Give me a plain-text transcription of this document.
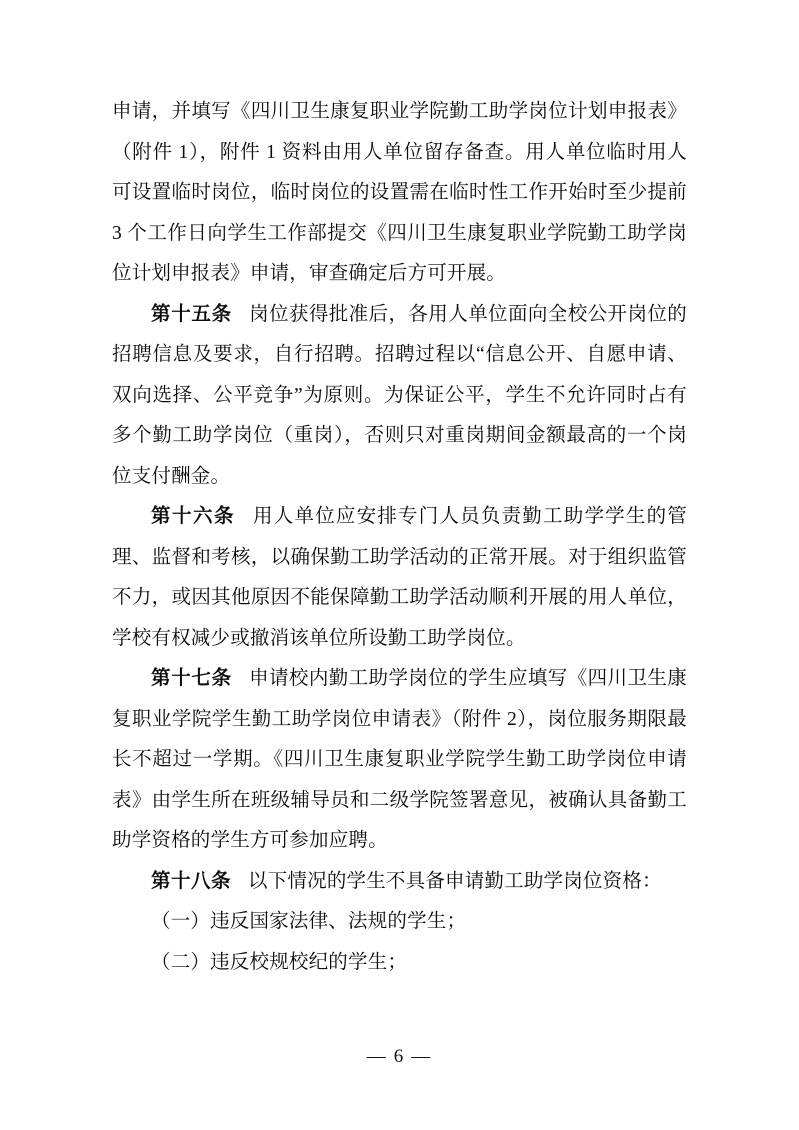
申请，并填写《四川卫生康复职业学院勤工助学岗位计划申报表》（附件 1），附件 1 资料由用人单位留存备查。用人单位临时用人可设置临时岗位，临时岗位的设置需在临时性工作开始时至少提前 3 个工作日向学生工作部提交《四川卫生康复职业学院勤工助学岗位计划申报表》申请，审查确定后方可开展。

第十五条 岗位获得批准后，各用人单位面向全校公开岗位的招聘信息及要求，自行招聘。招聘过程以“信息公开、自愿申请、双向选择、公平竞争”为原则。为保证公平，学生不允许同时占有多个勤工助学岗位（重岗），否则只对重岗期间金额最高的一个岗位支付酬金。

第十六条 用人单位应安排专门人员负责勤工助学学生的管理、监督和考核，以确保勤工助学活动的正常开展。对于组织监管不力，或因其他原因不能保障勤工助学活动顺利开展的用人单位，学校有权减少或撤消该单位所设勤工助学岗位。

第十七条 申请校内勤工助学岗位的学生应填写《四川卫生康复职业学院学生勤工助学岗位申请表》（附件 2），岗位服务期限最长不超过一学期。《四川卫生康复职业学院学生勤工助学岗位申请表》由学生所在班级辅导员和二级学院签署意见，被确认具备勤工助学资格的学生方可参加应聘。

第十八条 以下情况的学生不具备申请勤工助学岗位资格：

（一）违反国家法律、法规的学生；

（二）违反校规校纪的学生；

— 6 —
